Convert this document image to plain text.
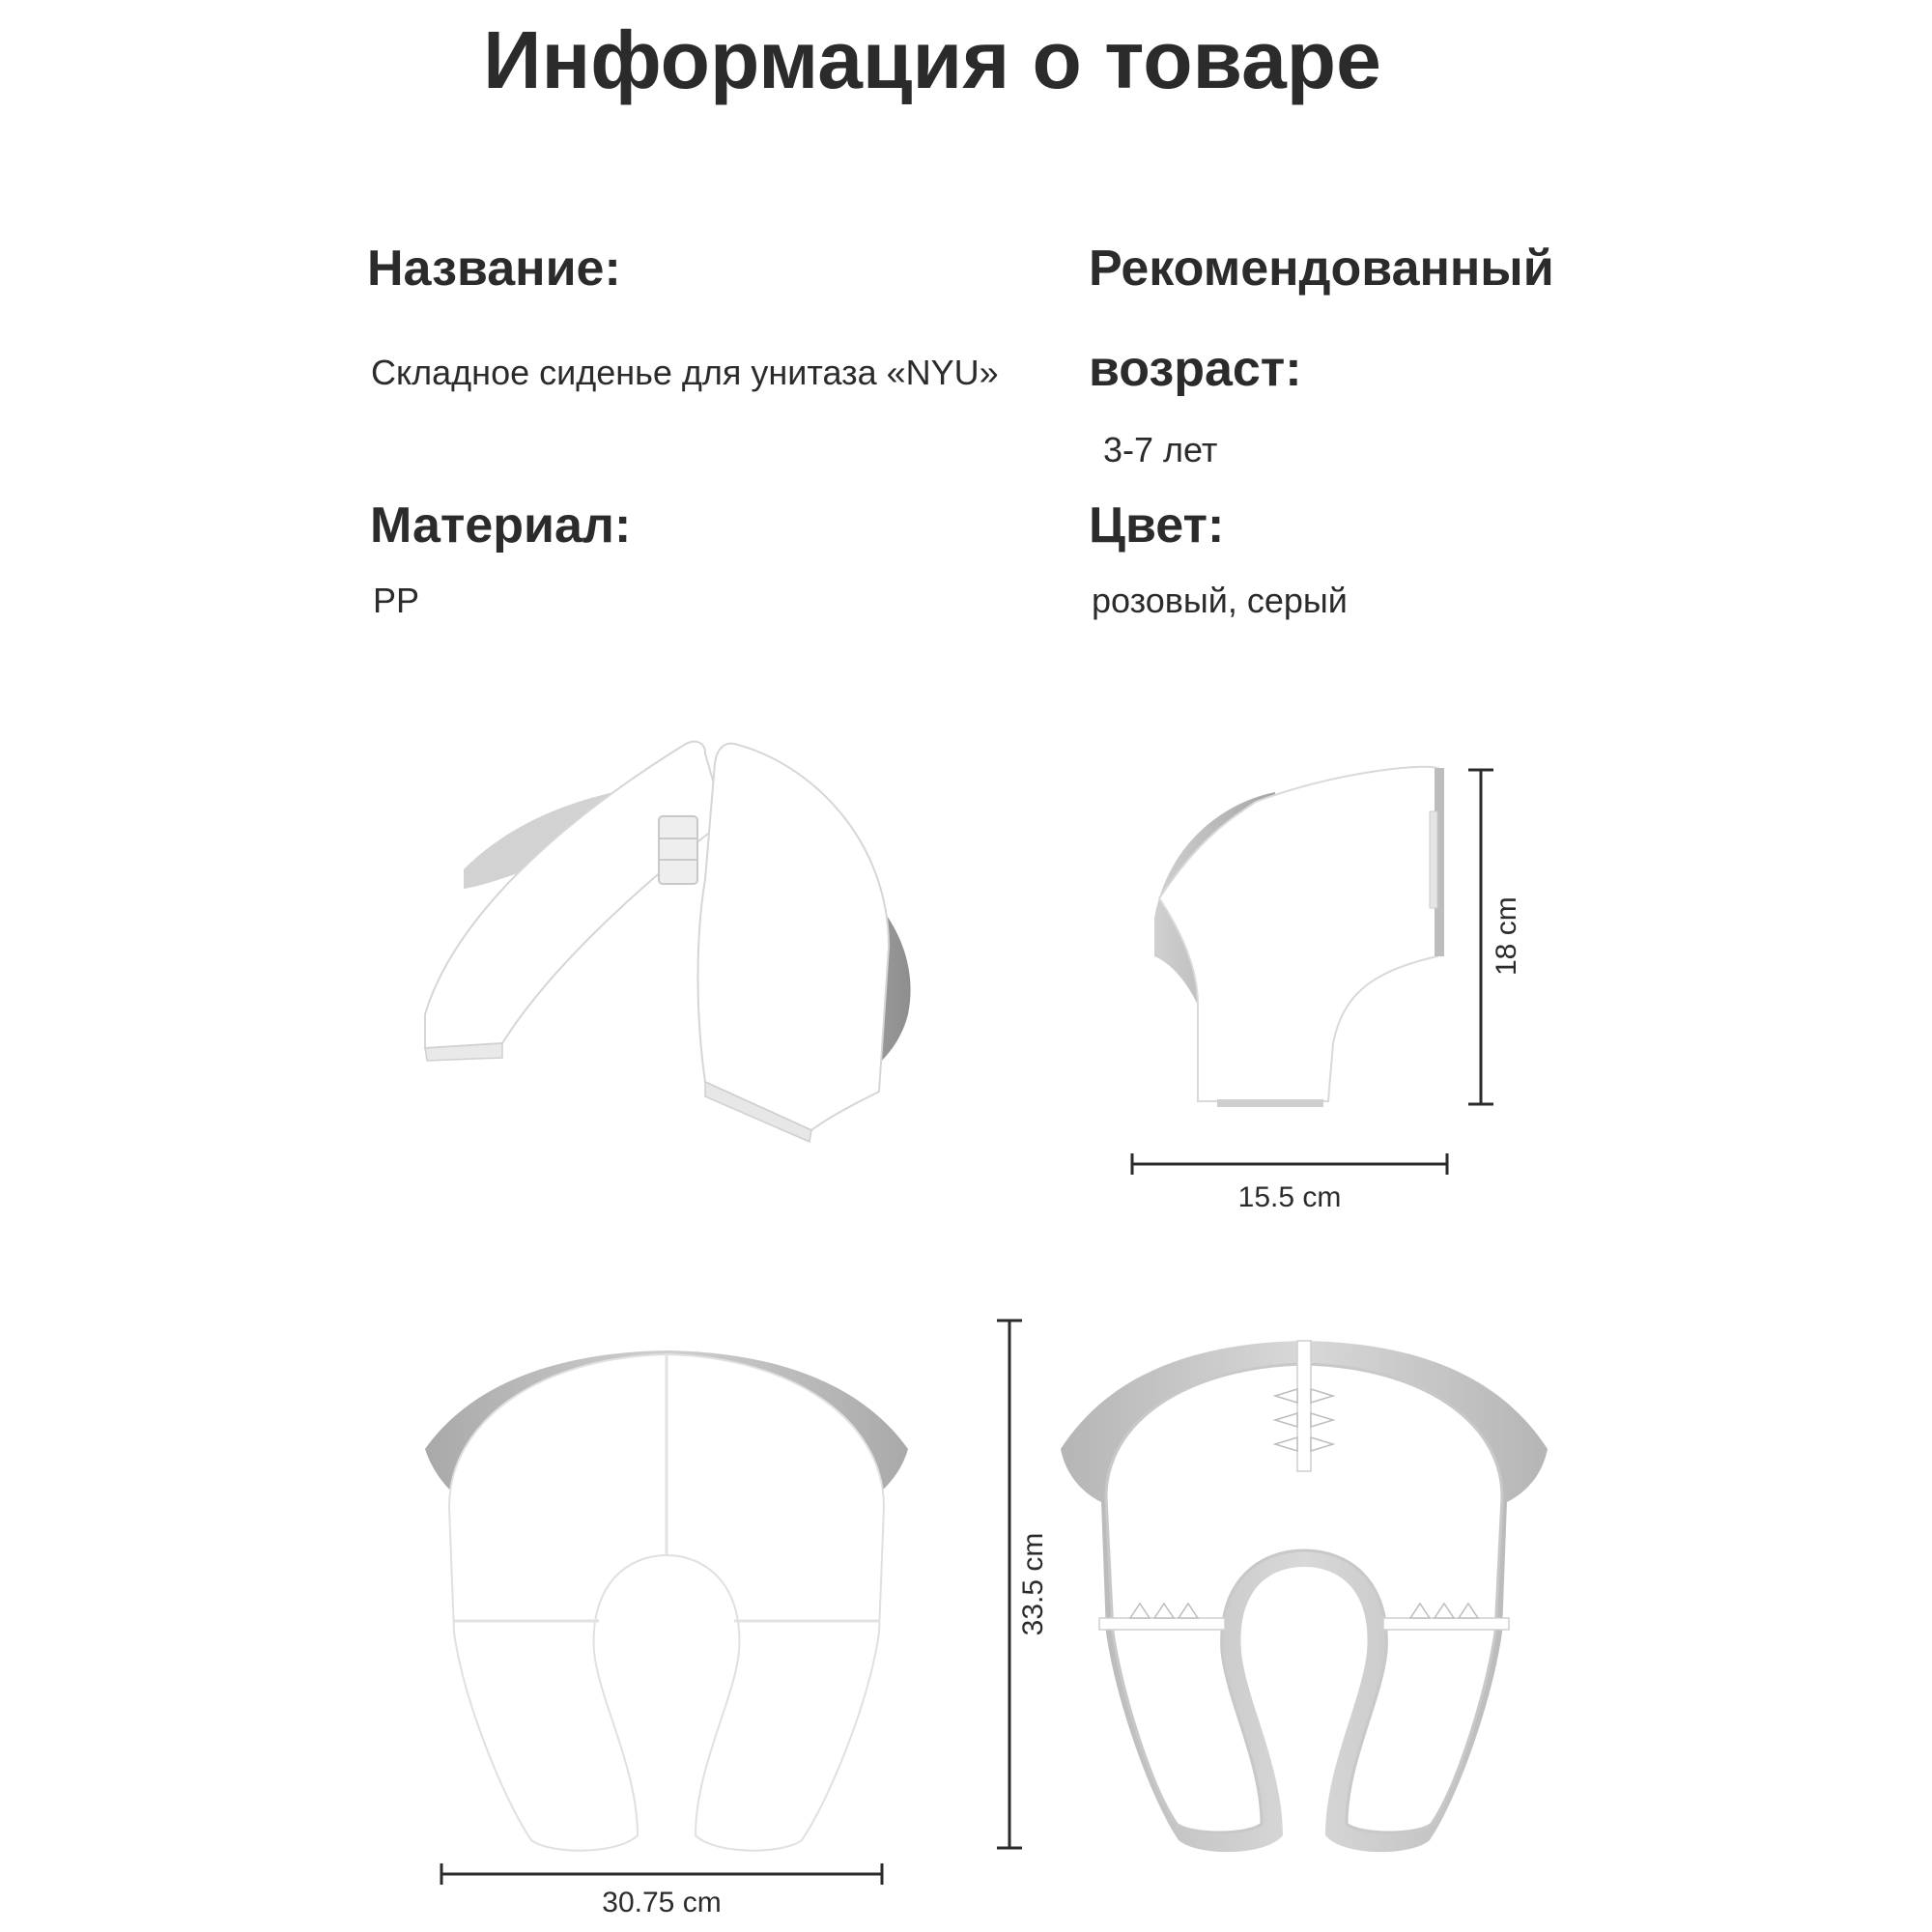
Информация о товаре
Название:
Складное сиденье для унитаза «NYU»
Рекомендованный
возраст:
3-7 лет
Материал:
PP
Цвет:
розовый, серый
18 cm
15.5 cm
33.5 cm
30.75 cm
